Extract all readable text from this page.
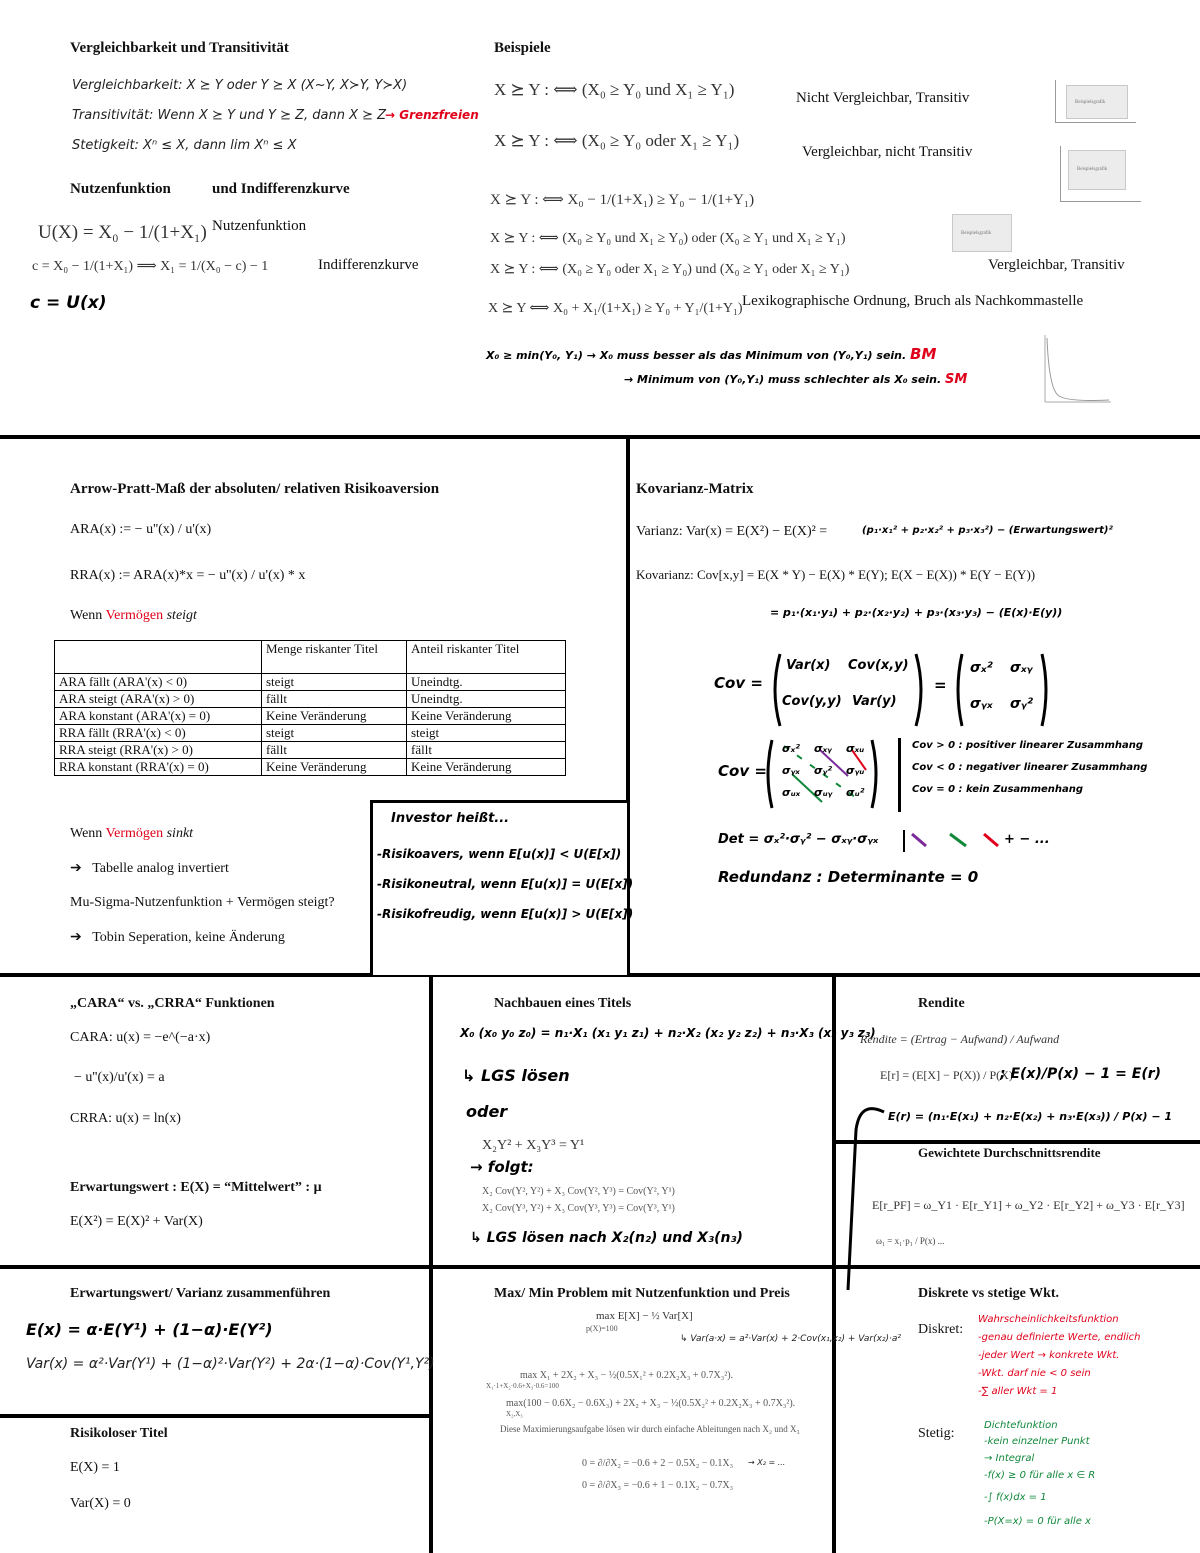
Vergleichbarkeit und Transitivität
Vergleichbarkeit: X ⪰ Y oder Y ⪰ X (X~Y, X≻Y, Y≻X)
Transitivität: Wenn X ⪰ Y und Y ⪰ Z, dann X ⪰ Z
→ Grenzfreien
Stetigkeit: Xⁿ ≤ X, dann lim Xⁿ ≤ X
Nutzenfunktion	und Indifferenzkurve
U(X) = X₀ − 1/(1+X₁) Nutzenfunktion
c = X₀ − 1/(1+X₁) ⟹ X₁ = 1/(X₀ − c) − 1	Indifferenzkurve
c = U(x)
Beispiele
X ⪰ Y : ⟺ (X₀ ≥ Y₀ und X₁ ≥ Y₁)	Nicht Vergleichbar, Transitiv
X ⪰ Y : ⟺ (X₀ ≥ Y₀ oder X₁ ≥ Y₁)
Vergleichbar, nicht Transitiv
X ⪰ Y : ⟺ X₀ − 1/(1+X₁) ≥ Y₀ − 1/(1+Y₁)
X ⪰ Y : ⟺ (X₀ ≥ Y₀ und X₁ ≥ Y₀) oder (X₀ ≥ Y₁ und X₁ ≥ Y₁)
X ⪰ Y : ⟺ (X₀ ≥ Y₀ oder X₁ ≥ Y₀) und (X₀ ≥ Y₁ oder X₁ ≥ Y₁)	Vergleichbar, Transitiv
X ⪰ Y ⟺ X₀ + X₁/(1+X₁) ≥ Y₀ + Y₁/(1+Y₁) Lexikographische Ordnung, Bruch als Nachkommastelle
X₀ ≥ min(Y₀, Y₁) → X₀ muss besser als das Minimum von (Y₀,Y₁) sein. BM
→ Minimum von (Y₀,Y₁) muss schlechter als X₀ sein. SM
Beispielsgrafik
Beispielsgrafik
Beispielsgrafik
Arrow-Pratt-Maß der absoluten/ relativen Risikoaversion
ARA(x) := − u''(x) / u'(x)
RRA(x) := ARA(x)*x = − u''(x) / u'(x) * x
Wenn Vermögen steigt
	Menge riskanter Titel	Anteil riskanter Titel
ARA fällt (ARA'(x) < 0)	steigt	Uneindtg.
ARA steigt (ARA'(x) > 0)	fällt	Uneindtg.
ARA konstant (ARA'(x) = 0)	Keine Veränderung	Keine Veränderung
RRA fällt (RRA'(x) < 0)	steigt	steigt
RRA steigt (RRA'(x) > 0)	fällt	fällt
RRA konstant (RRA'(x) = 0)	Keine Veränderung	Keine Veränderung
Wenn Vermögen sinkt
➔ Tabelle analog invertiert
Mu-Sigma-Nutzenfunktion + Vermögen steigt?
➔ Tobin Seperation, keine Änderung
Investor heißt...
-Risikoavers, wenn E[u(x)] < U(E[x])
-Risikoneutral, wenn E[u(x)] = U(E[x])
-Risikofreudig, wenn E[u(x)] > U(E[x])
Kovarianz-Matrix
Varianz: Var(x) = E(X²) − E(X)² =	(p₁·x₁² + p₂·x₂² + p₃·x₃²) − (Erwartungswert)²
Kovarianz: Cov[x,y] = E(X * Y) − E(X) * E(Y); E(X − E(X)) * E(Y − E(Y))
= p₁·(x₁·y₁) + p₂·(x₂·y₂) + p₃·(x₃·y₃) − (E(x)·E(y))
Cov =
Var(x) Cov(x,y)
Cov(y,y) Var(y)
=
σₓ² σₓᵧ
σᵧₓ σᵧ²
Cov =
σₓ² σₓᵧ σₓᵤ
σᵧₓ σᵧ² σᵧᵤ
σᵤₓ σᵤᵧ σᵤ²
Cov > 0 : positiver linearer Zusammhang
Cov < 0 : negativer linearer Zusammhang
Cov = 0 : kein Zusammenhang
Det = σₓ²·σᵧ² − σₓᵧ·σᵧₓ	+ − ...
Redundanz : Determinante = 0
„CARA“ vs. „CRRA“ Funktionen
CARA: u(x) = −e^(−a·x)
− u''(x)/u'(x) = a
CRRA: u(x) = ln(x)
Erwartungswert : E(X) = “Mittelwert” : μ
E(X²) = E(X)² + Var(X)
Nachbauen eines Titels
X₀ (x₀ y₀ z₀) = n₁·X₁ (x₁ y₁ z₁) + n₂·X₂ (x₂ y₂ z₂) + n₃·X₃ (x₃ y₃ z₃)
↳ LGS lösen
oder
X₂Y² + X₃Y³ = Y¹
→ folgt:
X₂ Cov(Y², Y²) + X₃ Cov(Y², Y³) = Cov(Y², Y¹)
X₂ Cov(Y³, Y²) + X₃ Cov(Y³, Y³) = Cov(Y³, Y¹)
↳ LGS lösen nach X₂(n₂) und X₃(n₃)
Rendite
Rendite = (Ertrag − Aufwand) / Aufwand
E[r] = (E[X] − P(X)) / P(X)
; E(x)/P(x) − 1 = E(r)
E(r) = (n₁·E(x₁) + n₂·E(x₂) + n₃·E(x₃)) / P(x) − 1
Gewichtete Durchschnittsrendite
E[r_PF] = ω_Y1 · E[r_Y1] + ω_Y2 · E[r_Y2] + ω_Y3 · E[r_Y3]
ω₁ = x₁·p₁ / P(x) ...
Erwartungswert/ Varianz zusammenführen
E(x) = α·E(Y¹) + (1−α)·E(Y²)
Var(x) = α²·Var(Y¹) + (1−α)²·Var(Y²) + 2α·(1−α)·Cov(Y¹,Y²)
Risikoloser Titel
E(X) = 1
Var(X) = 0
Max/ Min Problem mit Nutzenfunktion und Preis
max E[X] − ½ Var[X]
p(X)=100
↳ Var(a·x) = a²·Var(x) + 2·Cov(x₁,x₂) + Var(x₂)·a²
max X₁ + 2X₂ + X₃ − ½(0.5X₁² + 0.2X₂X₃ + 0.7X₃²).
X₁·1+X₂·0.6+X₃·0.6=100
max(100 − 0.6X₂ − 0.6X₃) + 2X₂ + X₃ − ½(0.5X₂² + 0.2X₂X₃ + 0.7X₃²).
X₂,X₃
Diese Maximierungsaufgabe lösen wir durch einfache Ableitungen nach X₂ und X₃
0 = ∂/∂X₂ = −0.6 + 2 − 0.5X₂ − 0.1X₃ → X₂ = ...
0 = ∂/∂X₃ = −0.6 + 1 − 0.1X₂ − 0.7X₃
Diskrete vs stetige Wkt.
Diskret:
Wahrscheinlichkeitsfunktion
-genau definierte Werte, endlich
-jeder Wert → konkrete Wkt.
-Wkt. darf nie < 0 sein
-∑ aller Wkt = 1
Stetig:
Dichtefunktion
-kein einzelner Punkt
→ Integral
-f(x) ≥ 0 für alle x ∈ R
-∫ f(x)dx = 1
-P(X=x) = 0 für alle x
